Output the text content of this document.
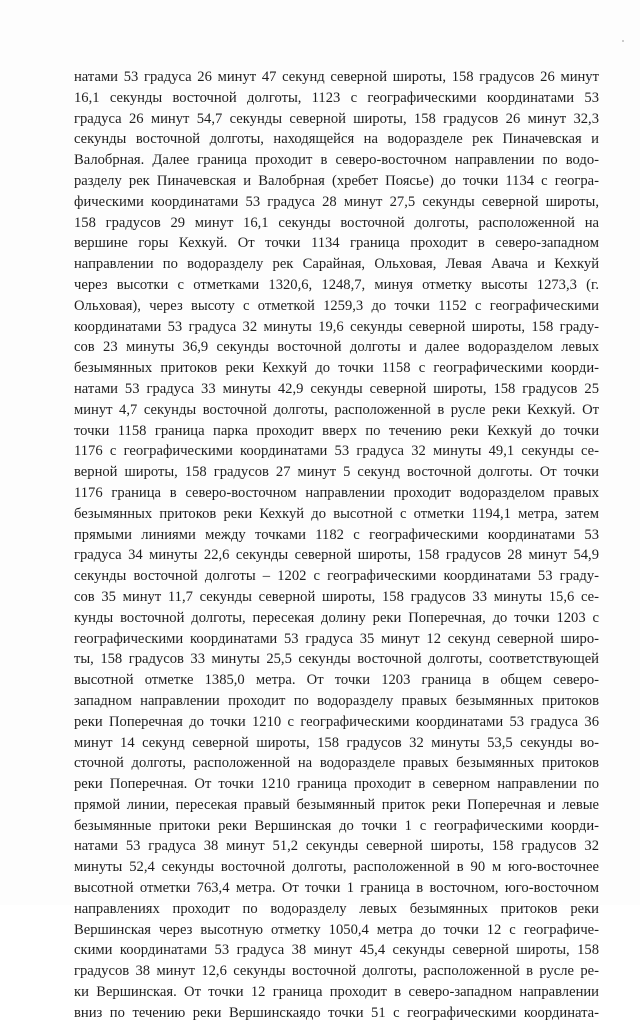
натами 53 градуса 26 минут 47 секунд северной широты, 158 градусов 26 минут
16,1 секунды восточной долготы, 1123 с географическими координатами 53
градуса 26 минут 54,7 секунды северной широты, 158 градусов 26 минут 32,3
секунды восточной долготы, находящейся на водоразделе рек Пиначевская и
Валобрная. Далее граница проходит в северо-восточном направлении по водо-
разделу рек Пиначевская и Валобрная (хребет Поясье) до точки 1134 с геогра-
фическими координатами 53 градуса 28 минут 27,5 секунды северной широты,
158 градусов 29 минут 16,1 секунды восточной долготы, расположенной на
вершине горы Кехкуй. От точки 1134 граница проходит в северо-западном
направлении по водоразделу рек Сарайная, Ольховая, Левая Авача и Кехкуй
через высотки с отметками 1320,6, 1248,7, минуя отметку высоты 1273,3 (г.
Ольховая), через высоту с отметкой 1259,3 до точки 1152 с географическими
координатами 53 градуса 32 минуты 19,6 секунды северной широты, 158 граду-
сов 23 минуты 36,9 секунды восточной долготы и далее водоразделом левых
безымянных притоков реки Кехкуй до точки 1158 с географическими коорди-
натами 53 градуса 33 минуты 42,9 секунды северной широты, 158 градусов 25
минут 4,7 секунды восточной долготы, расположенной в русле реки Кехкуй. От
точки 1158 граница парка проходит вверх по течению реки Кехкуй до точки
1176 с географическими координатами 53 градуса 32 минуты 49,1 секунды се-
верной широты, 158 градусов 27 минут 5 секунд восточной долготы. От точки
1176 граница в северо-восточном направлении проходит водоразделом правых
безымянных притоков реки Кехкуй до высотной с отметки 1194,1 метра, затем
прямыми линиями между точками 1182 с географическими координатами 53
градуса 34 минуты 22,6 секунды северной широты, 158 градусов 28 минут 54,9
секунды восточной долготы – 1202 с географическими координатами 53 граду-
сов 35 минут 11,7 секунды северной широты, 158 градусов 33 минуты 15,6 се-
кунды восточной долготы, пересекая долину реки Поперечная, до точки 1203 с
географическими координатами 53 градуса 35 минут 12 секунд северной широ-
ты, 158 градусов 33 минуты 25,5 секунды восточной долготы, соответствующей
высотной отметке 1385,0 метра. От точки 1203 граница в общем северо-
западном направлении проходит по водоразделу правых безымянных притоков
реки Поперечная до точки 1210 с географическими координатами 53 градуса 36
минут 14 секунд северной широты, 158 градусов 32 минуты 53,5 секунды во-
сточной долготы, расположенной на водоразделе правых безымянных притоков
реки Поперечная. От точки 1210 граница проходит в северном направлении по
прямой линии, пересекая правый безымянный приток реки Поперечная и левые
безымянные притоки реки Вершинская до точки 1 с географическими коорди-
натами 53 градуса 38 минут 51,2 секунды северной широты, 158 градусов 32
минуты 52,4 секунды восточной долготы, расположенной в 90 м юго-восточнее
высотной отметки 763,4 метра. От точки 1 граница в восточном, юго-восточном
направлениях проходит по водоразделу левых безымянных притоков реки
Вершинская через высотную отметку 1050,4 метра до точки 12 с географиче-
скими координатами 53 градуса 38 минут 45,4 секунды северной широты, 158
градусов 38 минут 12,6 секунды восточной долготы, расположенной в русле ре-
ки Вершинская. От точки 12 граница проходит в северо-западном направлении
вниз по течению реки Вершинскаядо точки 51 с географическими координата-
